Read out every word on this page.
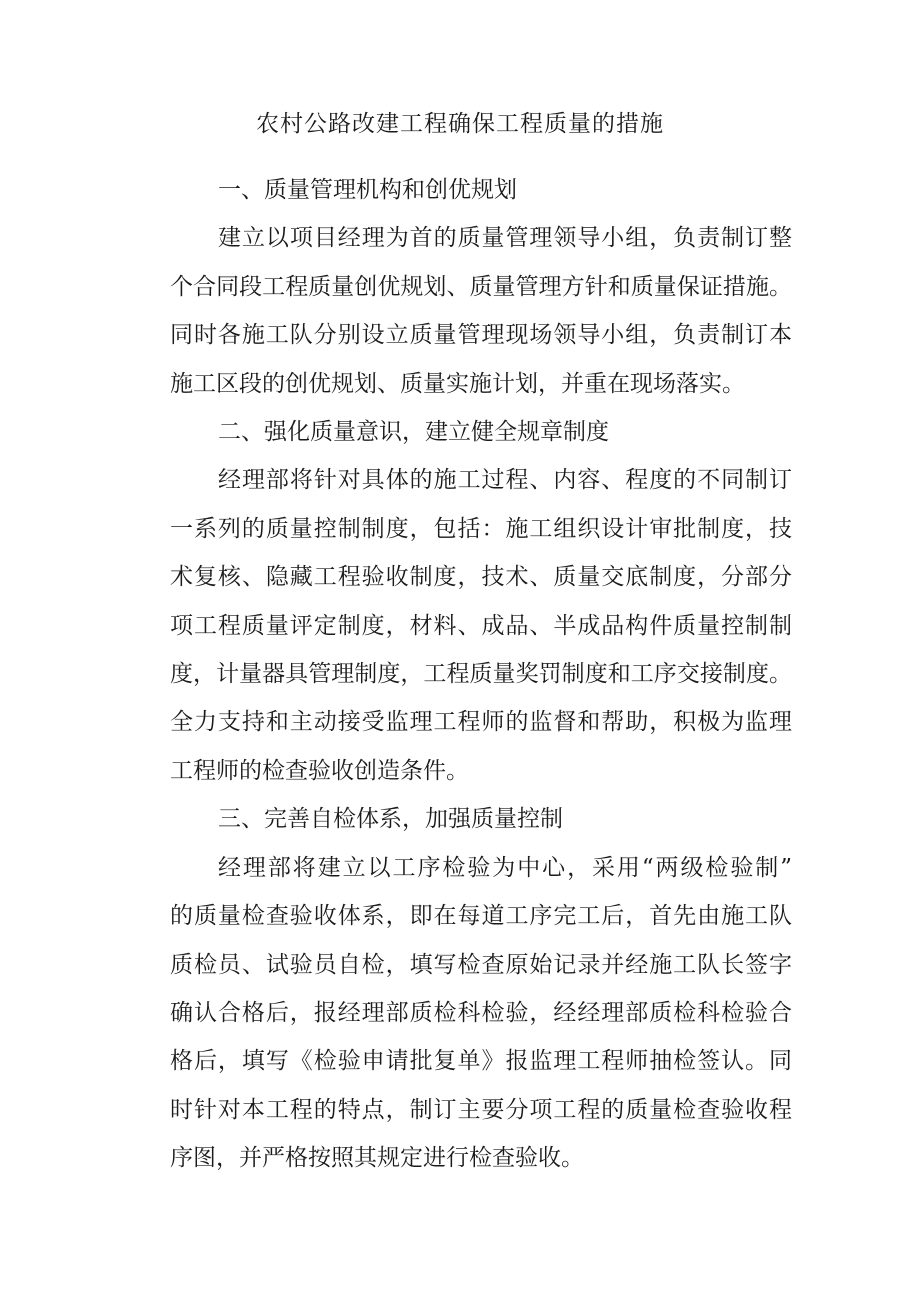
农村公路改建工程确保工程质量的措施

一、质量管理机构和创优规划

建立以项目经理为首的质量管理领导小组，负责制订整
个合同段工程质量创优规划、质量管理方针和质量保证措施。
同时各施工队分别设立质量管理现场领导小组，负责制订本
施工区段的创优规划、质量实施计划，并重在现场落实。

二、强化质量意识，建立健全规章制度

经理部将针对具体的施工过程、内容、程度的不同制订
一系列的质量控制制度，包括：施工组织设计审批制度，技
术复核、隐藏工程验收制度，技术、质量交底制度，分部分
项工程质量评定制度，材料、成品、半成品构件质量控制制
度，计量器具管理制度，工程质量奖罚制度和工序交接制度。
全力支持和主动接受监理工程师的监督和帮助，积极为监理
工程师的检查验收创造条件。

三、完善自检体系，加强质量控制

经理部将建立以工序检验为中心，采用“两级检验制”
的质量检查验收体系，即在每道工序完工后，首先由施工队
质检员、试验员自检，填写检查原始记录并经施工队长签字
确认合格后，报经理部质检科检验，经经理部质检科检验合
格后，填写《检验申请批复单》报监理工程师抽检签认。同
时针对本工程的特点，制订主要分项工程的质量检查验收程
序图，并严格按照其规定进行检查验收。
